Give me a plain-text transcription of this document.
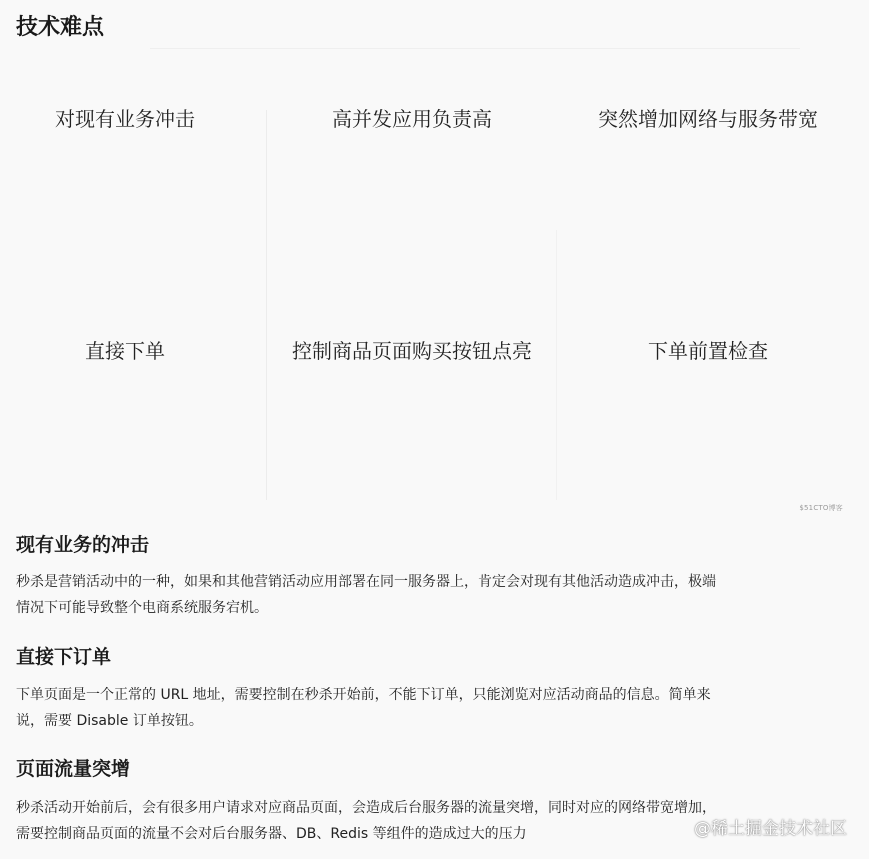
技术难点
对现有业务冲击	高并发应用负责高	突然增加网络与服务带宽
直接下单	控制商品页面购买按钮点亮	下单前置检查
$51CTO博客
现有业务的冲击

秒杀是营销活动中的一种，如果和其他营销活动应用部署在同一服务器上，肯定会对现有其他活动造成冲击，极端
情况下可能导致整个电商系统服务宕机。

直接下订单

下单页面是一个正常的 URL 地址，需要控制在秒杀开始前，不能下订单，只能浏览对应活动商品的信息。简单来
说，需要 Disable 订单按钮。

页面流量突增

秒杀活动开始前后，会有很多用户请求对应商品页面，会造成后台服务器的流量突增，同时对应的网络带宽增加，
需要控制商品页面的流量不会对后台服务器、DB、Redis 等组件的造成过大的压力	@稀土掘金技术社区
